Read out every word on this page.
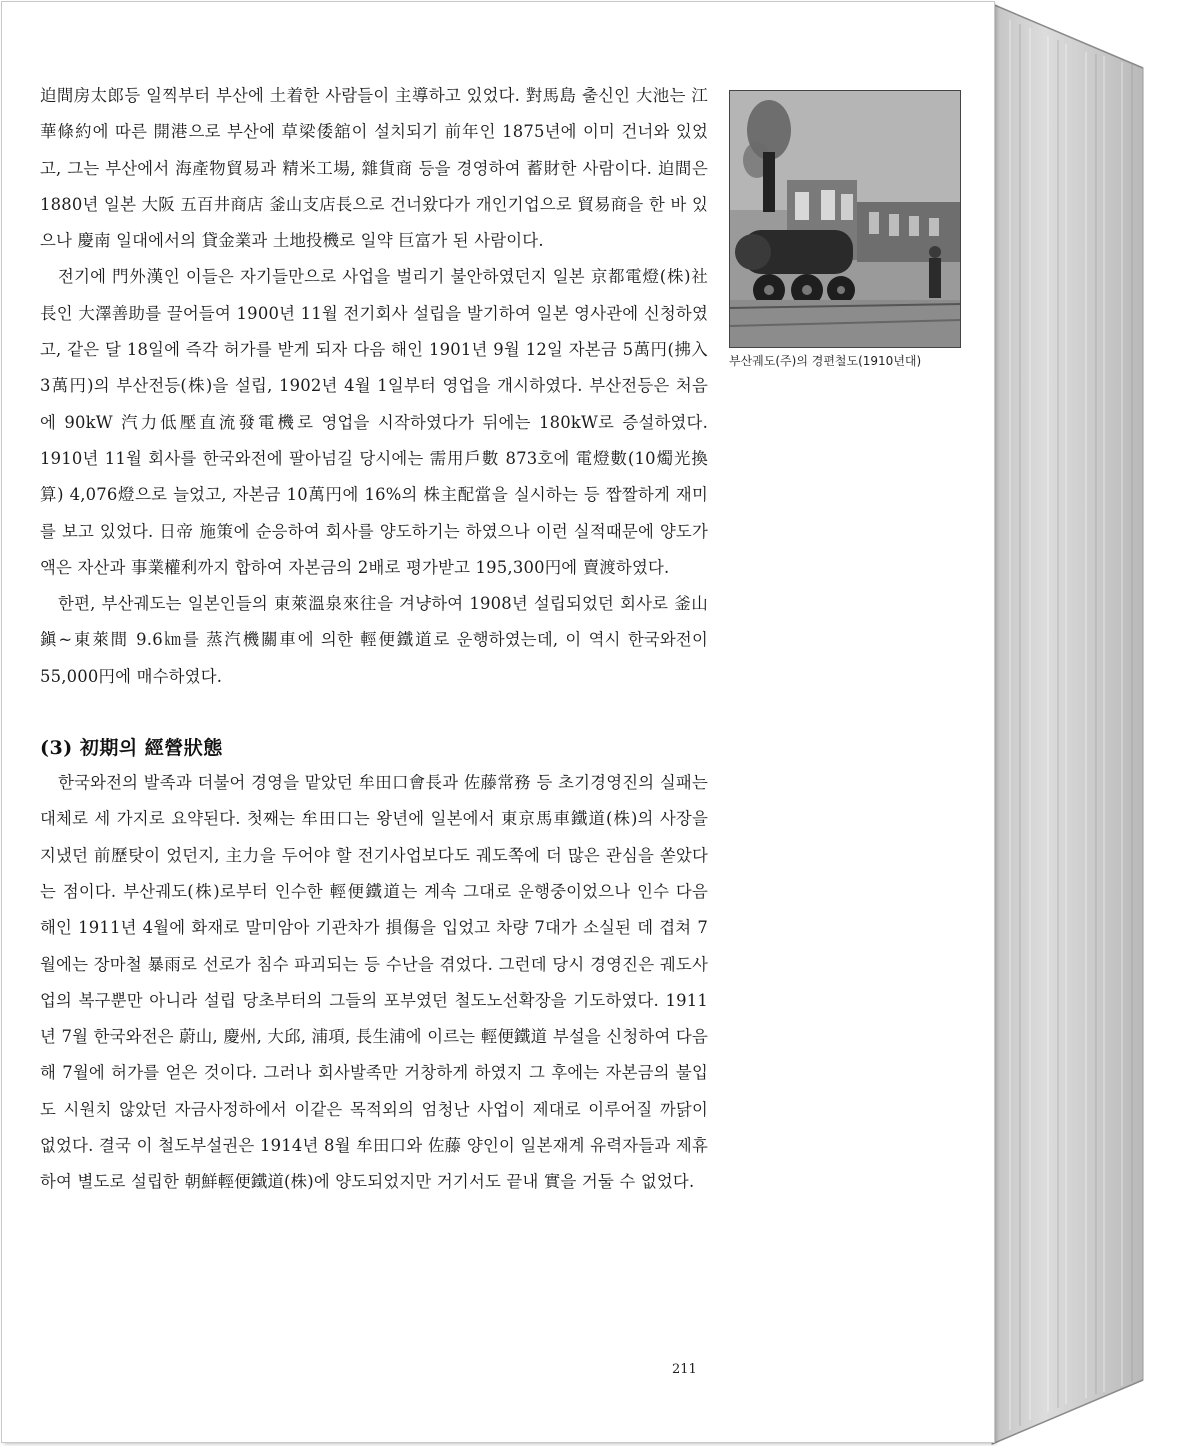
迫間房太郎등 일찍부터 부산에 土着한 사람들이 主導하고 있었다. 對馬島 출신인 大池는 江華條約에 따른 開港으로 부산에 草梁倭舘이 설치되기 前年인 1875년에 이미 건너와 있었고, 그는 부산에서 海產物貿易과 精米工場, 雜貨商 등을 경영하여 蓄財한 사람이다. 迫間은 1880년 일본 大阪 五百井商店 釜山支店長으로 건너왔다가 개인기업으로 貿易商을 한 바 있으나 慶南 일대에서의 貸金業과 土地投機로 일약 巨富가 된 사람이다.

전기에 門外漢인 이들은 자기들만으로 사업을 벌리기 불안하였던지 일본 京都電燈(株)社長인 大澤善助를 끌어들여 1900년 11월 전기회사 설립을 발기하여 일본 영사관에 신청하였고, 같은 달 18일에 즉각 허가를 받게 되자 다음 해인 1901년 9월 12일 자본금 5萬円(拂入 3萬円)의 부산전등(株)을 설립, 1902년 4월 1일부터 영업을 개시하였다. 부산전등은 처음에 90kW 汽力低壓直流發電機로 영업을 시작하였다가 뒤에는 180kW로 증설하였다. 1910년 11월 회사를 한국와전에 팔아넘길 당시에는 需用戶數 873호에 電燈數(10燭光換算) 4,076燈으로 늘었고, 자본금 10萬円에 16%의 株主配當을 실시하는 등 짭짤하게 재미를 보고 있었다. 日帝 施策에 순응하여 회사를 양도하기는 하였으나 이런 실적때문에 양도가액은 자산과 事業權利까지 합하여 자본금의 2배로 평가받고 195,300円에 賣渡하였다.

한편, 부산궤도는 일본인들의 東萊溫泉來往을 겨냥하여 1908년 설립되었던 회사로 釜山鎭~東萊間 9.6㎞를 蒸汽機關車에 의한 輕便鐵道로 운행하였는데, 이 역시 한국와전이 55,000円에 매수하였다.

(3) 初期의 經營狀態

한국와전의 발족과 더불어 경영을 맡았던 牟田口會長과 佐藤常務 등 초기경영진의 실패는 대체로 세 가지로 요약된다. 첫째는 牟田口는 왕년에 일본에서 東京馬車鐵道(株)의 사장을 지냈던 前歷탓이 었던지, 主力을 두어야 할 전기사업보다도 궤도쪽에 더 많은 관심을 쏟았다는 점이다. 부산궤도(株)로부터 인수한 輕便鐵道는 계속 그대로 운행중이었으나 인수 다음 해인 1911년 4월에 화재로 말미암아 기관차가 損傷을 입었고 차량 7대가 소실된 데 겹쳐 7월에는 장마철 暴雨로 선로가 침수 파괴되는 등 수난을 겪었다. 그런데 당시 경영진은 궤도사업의 복구뿐만 아니라 설립 당초부터의 그들의 포부였던 철도노선확장을 기도하였다. 1911년 7월 한국와전은 蔚山, 慶州, 大邱, 浦項, 長生浦에 이르는 輕便鐵道 부설을 신청하여 다음 해 7월에 허가를 얻은 것이다. 그러나 회사발족만 거창하게 하였지 그 후에는 자본금의 불입도 시원치 않았던 자금사정하에서 이같은 목적외의 엄청난 사업이 제대로 이루어질 까닭이 없었다. 결국 이 철도부설권은 1914년 8월 牟田口와 佐藤 양인이 일본재계 유력자들과 제휴하여 별도로 설립한 朝鮮輕便鐵道(株)에 양도되었지만 거기서도 끝내 實을 거둘 수 없었다.

부산궤도(주)의 경편철도(1910년대)
211
